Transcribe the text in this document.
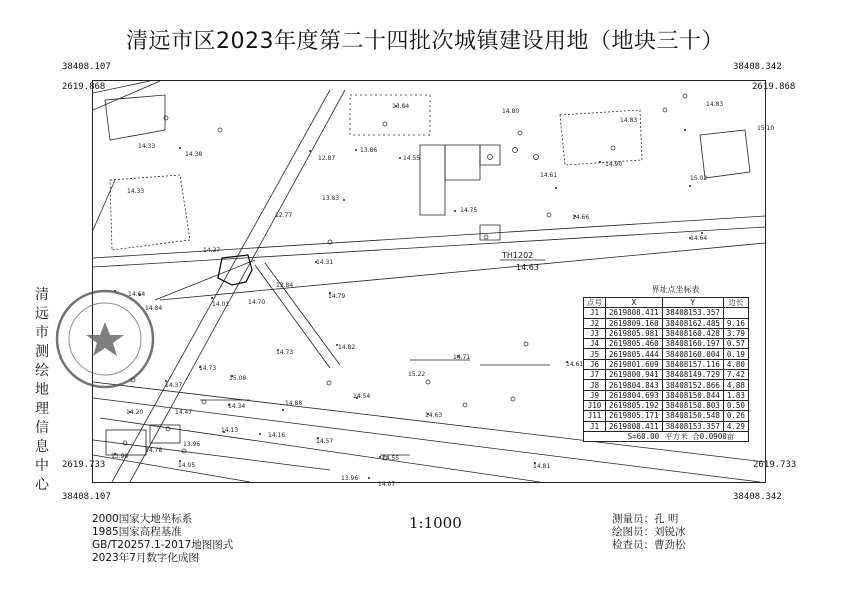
清远市区2023年度第二十四批次城镇建设用地（地块三十）
38408.107
2619.868
38408.342
2619.868
2619.733
38408.107
2619.733
38408.342
13.84
14.80
14.83
14.83
15.10
14.33
14.38
12.87
13.86
14.55
14.90
15.02
14.61
14.33
13.83
14.75
14.66
12.77
14.64
14.37
14.31
14.64
13.84
14.79
14.84
14.01	14.70
14.82
14.71
14.61
14.73
14.73
15.08
15.22
14.37
14.54
14.34	14.88
14.63
14.20	14.47
14.13
14.16
14.57
13.96
14.78
13.90
14.05
14.55
14.81
13.96
14.07
TH1202
14.63
清远市测绘地理信息中心
界址点坐标表
点号	X	Y	边长
J1	2619808.411	38408153.357	
J2	2619809.160	38408162.485	9.16
J3	2619805.981	38408160.428	3.79
J4	2619805.460	38408160.197	0.57
J5	2619805.444	38408160.004	0.19
J6	2619801.609	38408157.116	4.80
J7	2619800.941	38408149.729	7.42
J8	2619804.843	38408152.866	4.88
J9	2619804.693	38408150.844	1.83
J10	2619805.192	38408150.803	0.50
J11	2619805.171	38408150.548	0.26
J1	2619808.411	38408153.357	4.29
S=60.00		平方米 合0.0900亩	
2000国家大地坐标系
1985国家高程基准
GB/T20257.1-2017地图图式
2023年7月数字化成图
1:1000	测量员：孔 明
绘图员：刘锐冰
检查员：曹劲松
